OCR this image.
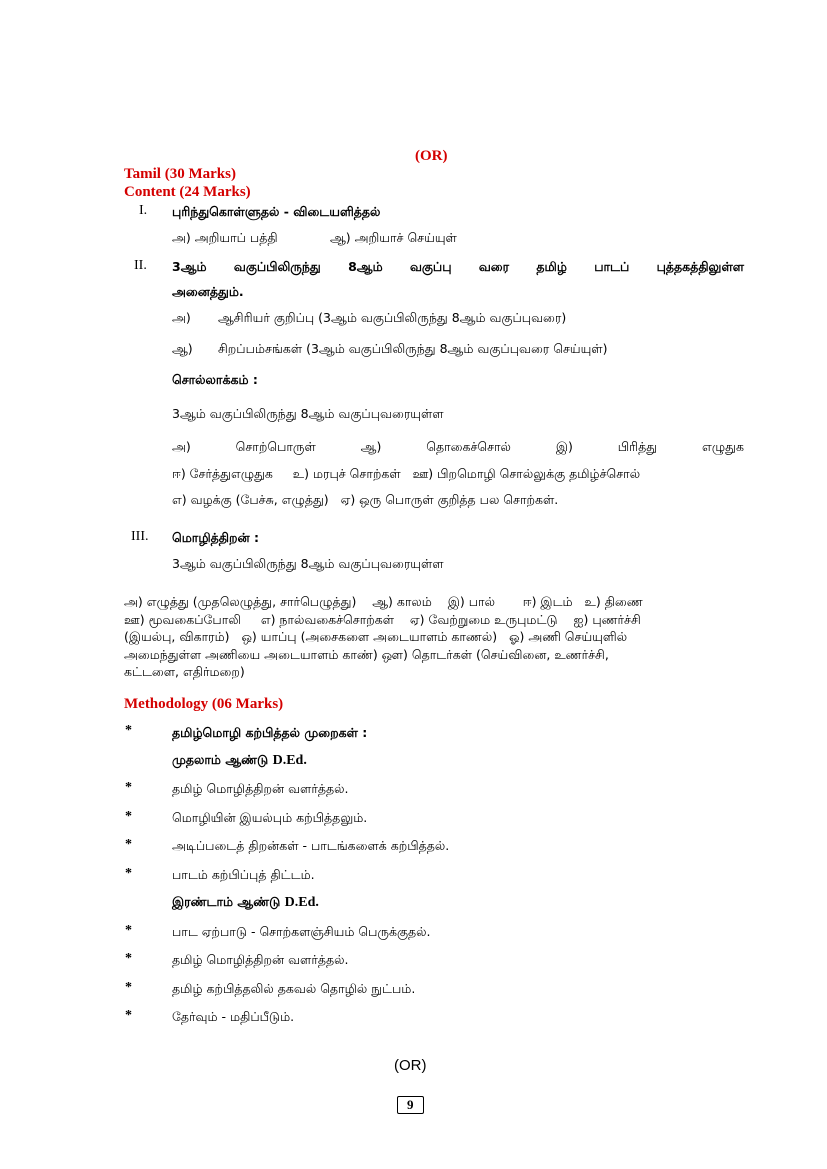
(OR)
Tamil (30 Marks)
Content (24 Marks)
I. புரிந்துகொள்ளுதல் - விடையளித்தல்
அ) அறியாப் பத்தி	ஆ) அறியாச் செய்யுள்
II. 3ஆம் வகுப்பிலிருந்து 8ஆம் வகுப்பு வரை தமிழ் பாடப் புத்தகத்திலுள்ள
அனைத்தும்.
அ) ஆசிரியர் குறிப்பு (3ஆம் வகுப்பிலிருந்து 8ஆம் வகுப்புவரை)
ஆ) சிறப்பம்சங்கள் (3ஆம் வகுப்பிலிருந்து 8ஆம் வகுப்புவரை செய்யுள்)
சொல்லாக்கம் :
3ஆம் வகுப்பிலிருந்து 8ஆம் வகுப்புவரையுள்ள
அ)	சொற்பொருள்	ஆ)	தொகைச்சொல்	இ)	பிரித்து	எழுதுக
ஈ) சேர்த்துஎழுதுக     உ) மரபுச் சொற்கள்   ஊ) பிறமொழி சொல்லுக்கு தமிழ்ச்சொல்
எ) வழக்கு (பேச்சு, எழுத்து)   ஏ) ஒரு பொருள் குறித்த பல சொற்கள்.
III. மொழித்திறன் :
3ஆம் வகுப்பிலிருந்து 8ஆம் வகுப்புவரையுள்ள
அ) எழுத்து (முதலெழுத்து, சார்பெழுத்து)    ஆ) காலம்    இ) பால்       ஈ) இடம்   உ) திணை
ஊ) மூவகைப்போலி     எ) நால்வகைச்சொற்கள்    ஏ) வேற்றுமை உருபுமட்டு    ஐ) புணர்ச்சி
(இயல்பு, விகாரம்)   ஒ) யாப்பு (அசைகளை அடையாளம் காணல்)   ஓ) அணி செய்யுளில்
அமைந்துள்ள அணியை அடையாளம் காண்) ஔ) தொடர்கள் (செய்வினை, உணர்ச்சி,
கட்டளை, எதிர்மறை)
Methodology (06 Marks)
*	தமிழ்மொழி கற்பித்தல் முறைகள் :
முதலாம் ஆண்டு D.Ed.
*	தமிழ் மொழித்திறன் வளர்த்தல்.
*	மொழியின் இயல்பும் கற்பித்தலும்.
*	அடிப்படைத் திறன்கள் - பாடங்களைக் கற்பித்தல்.
*	பாடம் கற்பிப்புத் திட்டம்.
இரண்டாம் ஆண்டு D.Ed.
*	பாட ஏற்பாடு - சொற்களஞ்சியம் பெருக்குதல்.
*	தமிழ் மொழித்திறன் வளர்த்தல்.
*	தமிழ் கற்பித்தலில் தகவல் தொழில் நுட்பம்.
*	தேர்வும் - மதிப்பீடும்.
(OR)
9
